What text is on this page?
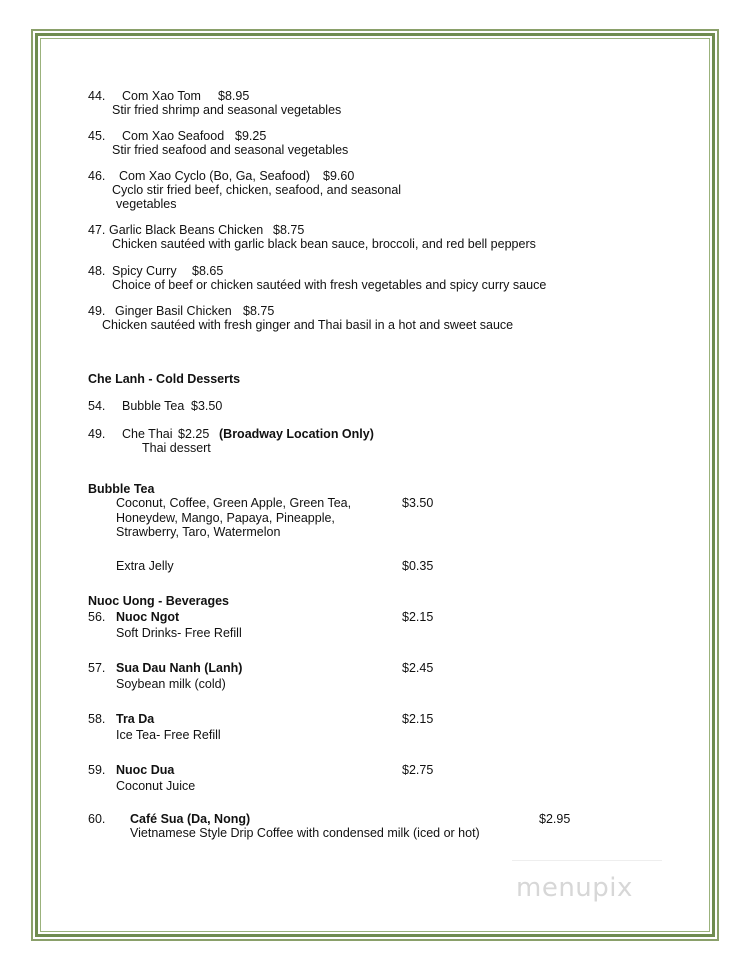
44. Com Xao Tom $8.95
Stir fried shrimp and seasonal vegetables
45. Com Xao Seafood $9.25
Stir fried seafood and seasonal vegetables
46. Com Xao Cyclo (Bo, Ga, Seafood) $9.60
Cyclo stir fried beef, chicken, seafood, and seasonal
vegetables
47. Garlic Black Beans Chicken $8.75
Chicken sautéed with garlic black bean sauce, broccoli, and red bell peppers
48. Spicy Curry $8.65
Choice of beef or chicken sautéed with fresh vegetables and spicy curry sauce
49. Ginger Basil Chicken $8.75
Chicken sautéed with fresh ginger and Thai basil in a hot and sweet sauce
Che Lanh - Cold Desserts
54. Bubble Tea $3.50
49. Che Thai $2.25 (Broadway Location Only)
Thai dessert
Bubble Tea
Coconut, Coffee, Green Apple, Green Tea,
Honeydew, Mango, Papaya, Pineapple,
Strawberry, Taro, Watermelon
$3.50
Extra Jelly	$0.35
Nuoc Uong - Beverages
56. Nuoc Ngot
Soft Drinks- Free Refill
$2.15
57. Sua Dau Nanh (Lanh)
Soybean milk (cold)
$2.45
58. Tra Da
Ice Tea- Free Refill
$2.15
59. Nuoc Dua
Coconut Juice
$2.75
60. Café Sua (Da, Nong)
Vietnamese Style Drip Coffee with condensed milk (iced or hot)
$2.95
menupix
